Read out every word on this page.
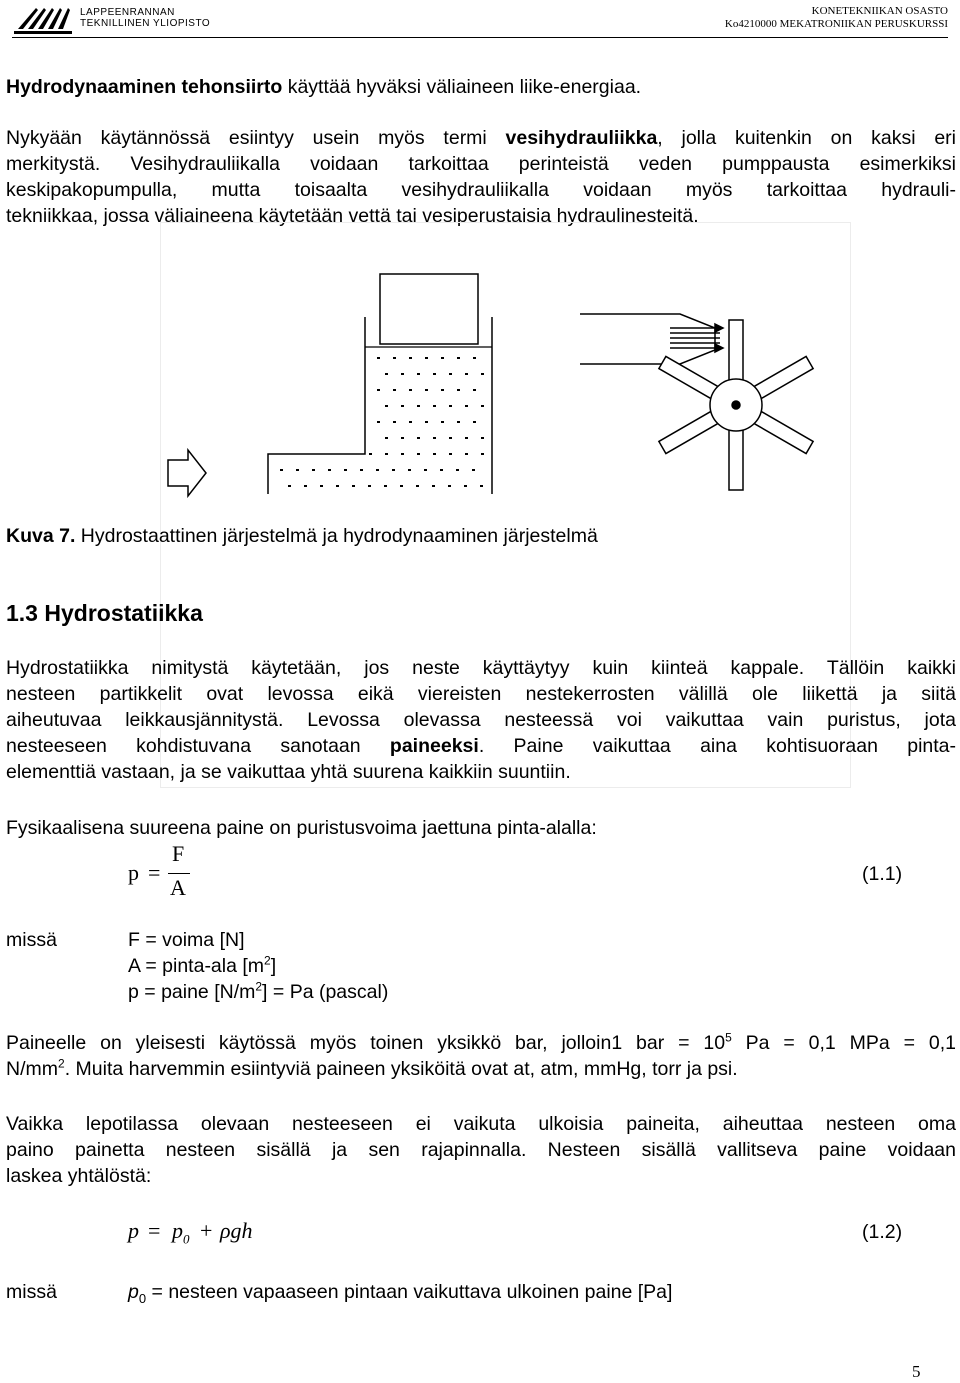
LAPPEENRANNAN
TEKNILLINEN YLIOPISTO
KONETEKNIIKAN OSASTO
Ko4210000 MEKATRONIIKAN PERUSKURSSI
Hydrodynaaminen tehonsiirto käyttää hyväksi väliaineen liike-energiaa.
Nykyään käytännössä esiintyy usein myös termi vesihydrauliikka, jolla kuitenkin on kaksi eri
merkitystä. Vesihydrauliikalla voidaan tarkoittaa perinteistä veden pumppausta esimerkiksi
keskipakopumpulla, mutta toisaalta vesihydrauliikalla voidaan myös tarkoittaa hydrauli-
tekniikkaa, jossa väliaineena käytetään vettä tai vesiperustaisia hydraulinesteitä.
Kuva 7. Hydrostaattinen järjestelmä ja hydrodynaaminen järjestelmä
1.3 Hydrostatiikka
Hydrostatiikka nimitystä käytetään, jos neste käyttäytyy kuin kiinteä kappale. Tällöin kaikki
nesteen partikkelit ovat levossa eikä viereisten nestekerrosten välillä ole liikettä ja siitä
aiheutuvaa leikkausjännitystä. Levossa olevassa nesteessä voi vaikuttaa vain puristus, jota
nesteeseen kohdistuvana sanotaan paineeksi. Paine vaikuttaa aina kohtisuoraan pinta-
elementtiä vastaan, ja se vaikuttaa yhtä suurena kaikkiin suuntiin.
Fysikaalisena suureena paine on puristusvoima jaettuna pinta-alalla:
p =
F
A
(1.1)
missä	F = voima [N]
A = pinta-ala $[m^2]$
p = paine $[N/m^2] = Pa$ (pascal)
Paineelle on yleisesti käytössä myös toinen yksikkö bar, jolloin1 bar = $10^5$ Pa = 0,1 MPa = 0,1
$N/mm^2$. Muita harvemmin esiintyviä paineen yksiköitä ovat at, atm, mmHg, torr ja psi.
Vaikka lepotilassa olevaan nesteeseen ei vaikuta ulkoisia paineita, aiheuttaa nesteen oma
paino painetta nesteen sisällä ja sen rajapinnalla. Nesteen sisällä vallitseva paine voidaan
laskea yhtälöstä:
$p = p_0 + \rho gh$	(1.2)
missä	$p_0$ = nesteen vapaaseen pintaan vaikuttava ulkoinen paine [Pa]
5
